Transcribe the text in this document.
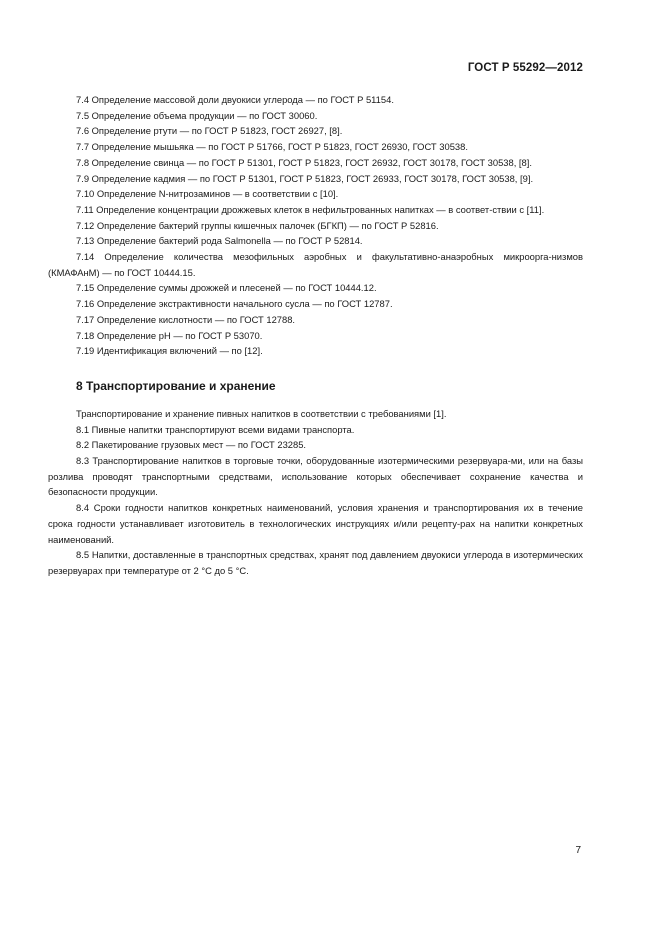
ГОСТ Р 55292—2012

7.4 Определение массовой доли двуокиси углерода — по ГОСТ Р 51154.

7.5 Определение объема продукции — по ГОСТ 30060.

7.6 Определение ртути — по ГОСТ Р 51823, ГОСТ 26927, [8].

7.7 Определение мышьяка — по ГОСТ Р 51766, ГОСТ Р 51823, ГОСТ 26930, ГОСТ 30538.

7.8 Определение свинца — по ГОСТ Р 51301, ГОСТ Р 51823, ГОСТ 26932, ГОСТ 30178, ГОСТ 30538, [8].

7.9 Определение кадмия — по ГОСТ Р 51301, ГОСТ Р 51823, ГОСТ 26933, ГОСТ 30178, ГОСТ 30538, [9].

7.10 Определение N-нитрозаминов — в соответствии с [10].

7.11 Определение концентрации дрожжевых клеток в нефильтрованных напитках — в соответ-ствии с [11].

7.12 Определение бактерий группы кишечных палочек (БГКП) — по ГОСТ Р 52816.

7.13 Определение бактерий рода Salmonella — по ГОСТ Р 52814.

7.14 Определение количества мезофильных аэробных и факультативно-анаэробных микроорга-низмов (КМАФАнМ) — по ГОСТ 10444.15.

7.15 Определение суммы дрожжей и плесеней — по ГОСТ 10444.12.

7.16 Определение экстрактивности начального сусла — по ГОСТ 12787.

7.17 Определение кислотности — по ГОСТ 12788.

7.18 Определение рН — по ГОСТ Р 53070.

7.19 Идентификация включений — по [12].

8 Транспортирование и хранение

Транспортирование и хранение пивных напитков в соответствии с требованиями [1].

8.1 Пивные напитки транспортируют всеми видами транспорта.

8.2 Пакетирование грузовых мест — по ГОСТ 23285.

8.3 Транспортирование напитков в торговые точки, оборудованные изотермическими резервуара-ми, или на базы розлива проводят транспортными средствами, использование которых обеспечивает сохранение качества и безопасности продукции.

8.4 Сроки годности напитков конкретных наименований, условия хранения и транспортирования их в течение срока годности устанавливает изготовитель в технологических инструкциях и/или рецепту-рах на напитки конкретных наименований.

8.5 Напитки, доставленные в транспортных средствах, хранят под давлением двуокиси углерода в изотермических резервуарах при температуре от 2 °С до 5 °С.

7
